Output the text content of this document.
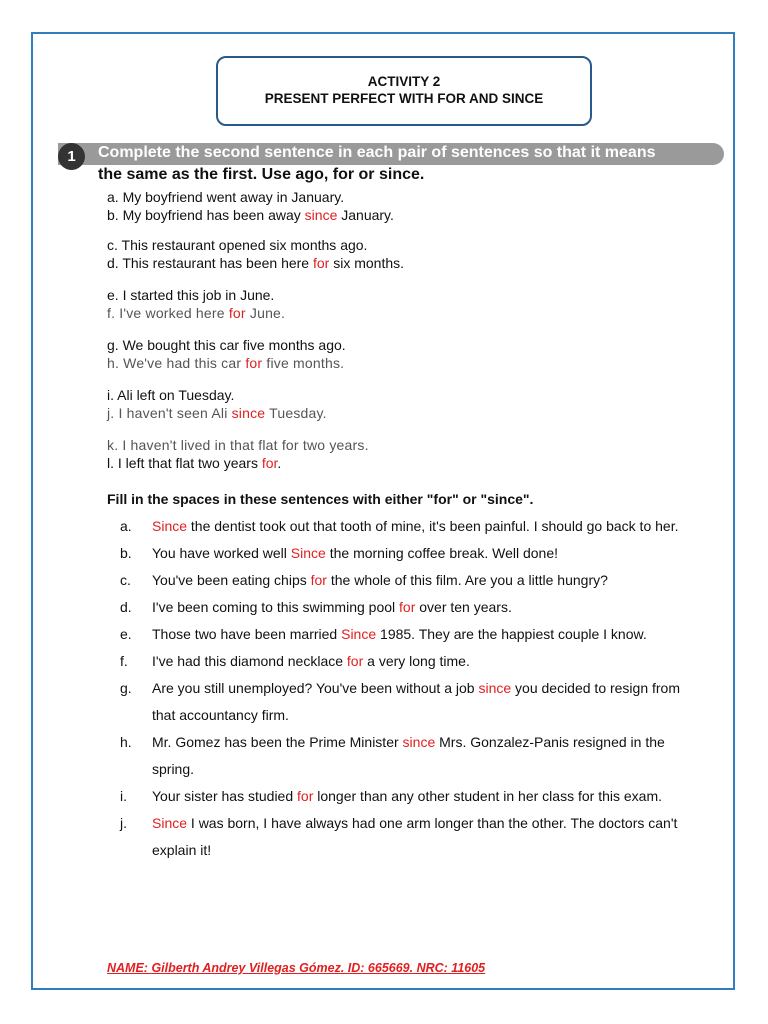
ACTIVITY 2
PRESENT PERFECT WITH FOR AND SINCE
1	Complete the second sentence in each pair of sentences so that it means
the same as the first. Use ago, for or since.
a. My boyfriend went away in January.
b. My boyfriend has been away since January.
c. This restaurant opened six months ago.
d. This restaurant has been here for six months.
e. I started this job in June.
f. I've worked here for June.
g. We bought this car five months ago.
h. We've had this car for five months.
i. Ali left on Tuesday.
j. I haven't seen Ali since Tuesday.
k. I haven't lived in that flat for two years.
l. I left that flat two years for.
Fill in the spaces in these sentences with either "for" or "since".
a.	Since the dentist took out that tooth of mine, it's been painful. I should go back to her.
b.	You have worked well Since the morning coffee break. Well done!
c.	You've been eating chips for the whole of this film. Are you a little hungry?
d.	I've been coming to this swimming pool for over ten years.
e.	Those two have been married Since 1985. They are the happiest couple I know.
f.	I've had this diamond necklace for a very long time.
g.	Are you still unemployed? You've been without a job since you decided to resign from that accountancy firm.
h.	Mr. Gomez has been the Prime Minister since Mrs. Gonzalez-Panis resigned in the spring.
i.	Your sister has studied for longer than any other student in her class for this exam.
j.	Since I was born, I have always had one arm longer than the other. The doctors can't explain it!
NAME: Gilberth Andrey Villegas Gómez. ID: 665669. NRC: 11605
